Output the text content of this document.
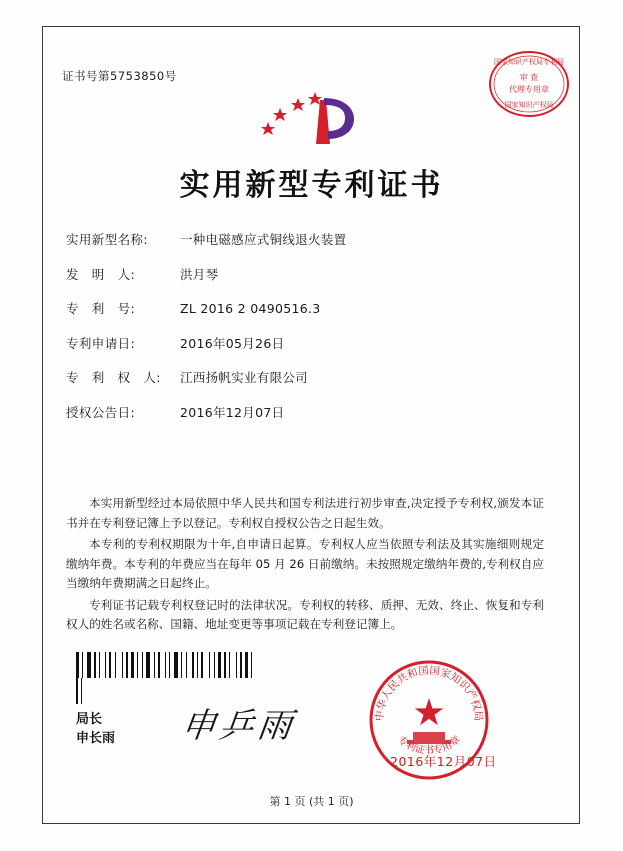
证书号第5753850号
国家知识产权局专利局
审 查
代理专用章
国家知识产权局
实用新型专利证书
实用新型名称:	一种电磁感应式铜线退火装置
发　明　人:	洪月琴
专　利　号:	ZL 2016 2 0490516.3
专利申请日:	2016年05月26日
专　利　权　人: 江西扬帆实业有限公司
授权公告日:	2016年12月07日

本实用新型经过本局依照中华人民共和国专利法进行初步审查,决定授予专利权,颁发本证书并在专利登记簿上予以登记。专利权自授权公告之日起生效。

本专利的专利权期限为十年,自申请日起算。专利权人应当依照专利法及其实施细则规定缴纳年费。本专利的年费应当在每年 05 月 26 日前缴纳。未按照规定缴纳年费的,专利权自应当缴纳年费期满之日起终止。

专利证书记载专利权登记时的法律状况。专利权的转移、质押、无效、终止、恢复和专利权人的姓名或名称、国籍、地址变更等事项记载在专利登记簿上。

局长
申长雨 申乒雨	中华人民共和国国家知识产权局
专利证书专用章
2016年12月07日
第 1 页 (共 1 页)
